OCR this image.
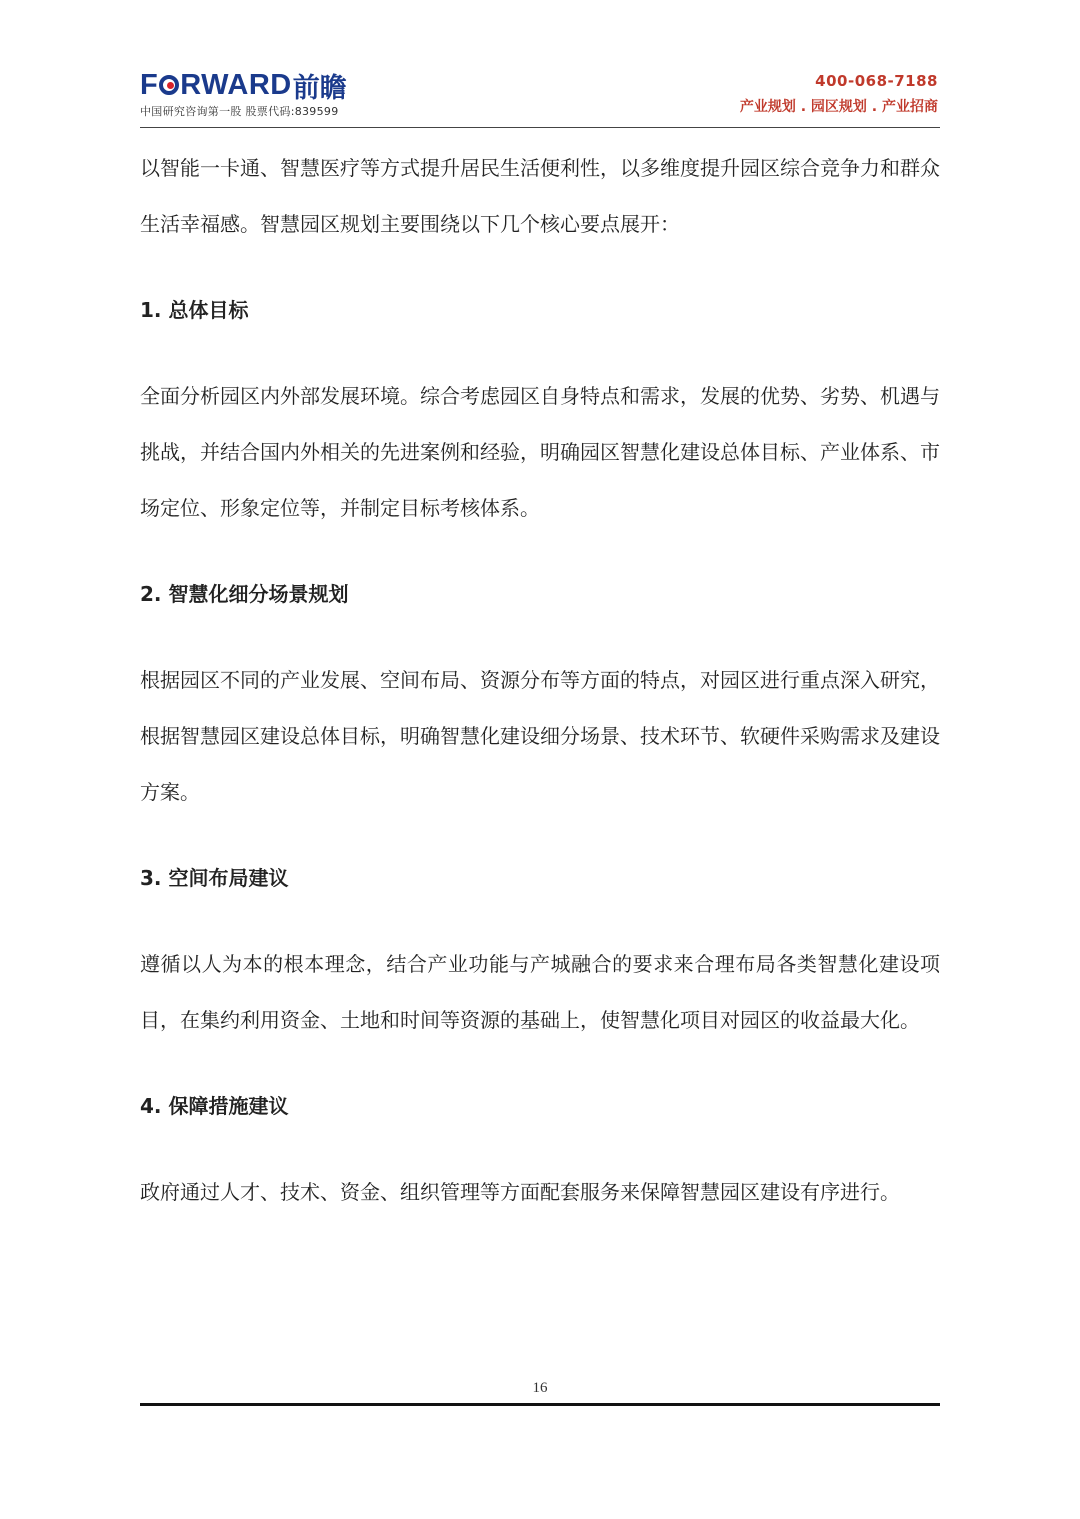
F RWARD 前瞻
中国研究咨询第一股 股票代码:839599
400-068-7188
产业规划 . 园区规划 . 产业招商

以智能一卡通、智慧医疗等方式提升居民生活便利性，以多维度提升园区综合竞争力和群众生活幸福感。智慧园区规划主要围绕以下几个核心要点展开：

1. 总体目标

全面分析园区内外部发展环境。综合考虑园区自身特点和需求，发展的优势、劣势、机遇与挑战，并结合国内外相关的先进案例和经验，明确园区智慧化建设总体目标、产业体系、市场定位、形象定位等，并制定目标考核体系。

2. 智慧化细分场景规划

根据园区不同的产业发展、空间布局、资源分布等方面的特点，对园区进行重点深入研究，根据智慧园区建设总体目标，明确智慧化建设细分场景、技术环节、软硬件采购需求及建设方案。

3. 空间布局建议

遵循以人为本的根本理念，结合产业功能与产城融合的要求来合理布局各类智慧化建设项目，在集约利用资金、土地和时间等资源的基础上，使智慧化项目对园区的收益最大化。

4. 保障措施建议

政府通过人才、技术、资金、组织管理等方面配套服务来保障智慧园区建设有序进行。

16
